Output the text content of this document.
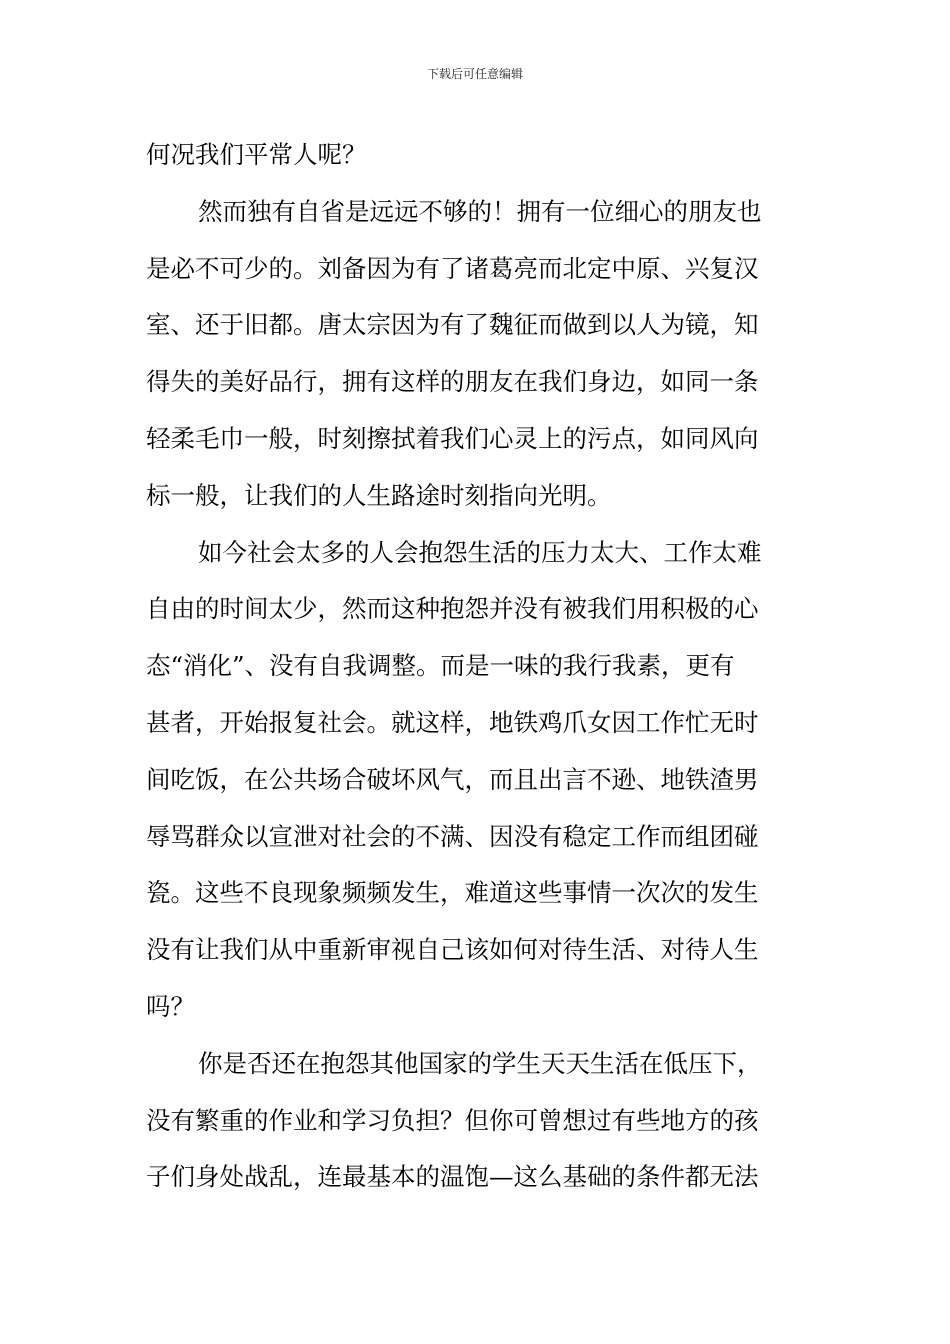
下载后可任意编辑
何况我们平常人呢？
然而独有自省是远远不够的！拥有一位细心的朋友也
是必不可少的。刘备因为有了诸葛亮而北定中原、兴复汉
室、还于旧都。唐太宗因为有了魏征而做到以人为镜，知
得失的美好品行，拥有这样的朋友在我们身边，如同一条
轻柔毛巾一般，时刻擦拭着我们心灵上的污点，如同风向
标一般，让我们的人生路途时刻指向光明。
如今社会太多的人会抱怨生活的压力太大、工作太难
自由的时间太少，然而这种抱怨并没有被我们用积极的心
态“消化”、没有自我调整。而是一味的我行我素，更有
甚者，开始报复社会。就这样，地铁鸡爪女因工作忙无时
间吃饭，在公共场合破坏风气，而且出言不逊、地铁渣男
辱骂群众以宣泄对社会的不满、因没有稳定工作而组团碰
瓷。这些不良现象频频发生，难道这些事情一次次的发生
没有让我们从中重新审视自己该如何对待生活、对待人生
吗？
你是否还在抱怨其他国家的学生天天生活在低压下，
没有繁重的作业和学习负担？但你可曾想过有些地方的孩
子们身处战乱，连最基本的温饱—这么基础的条件都无法
